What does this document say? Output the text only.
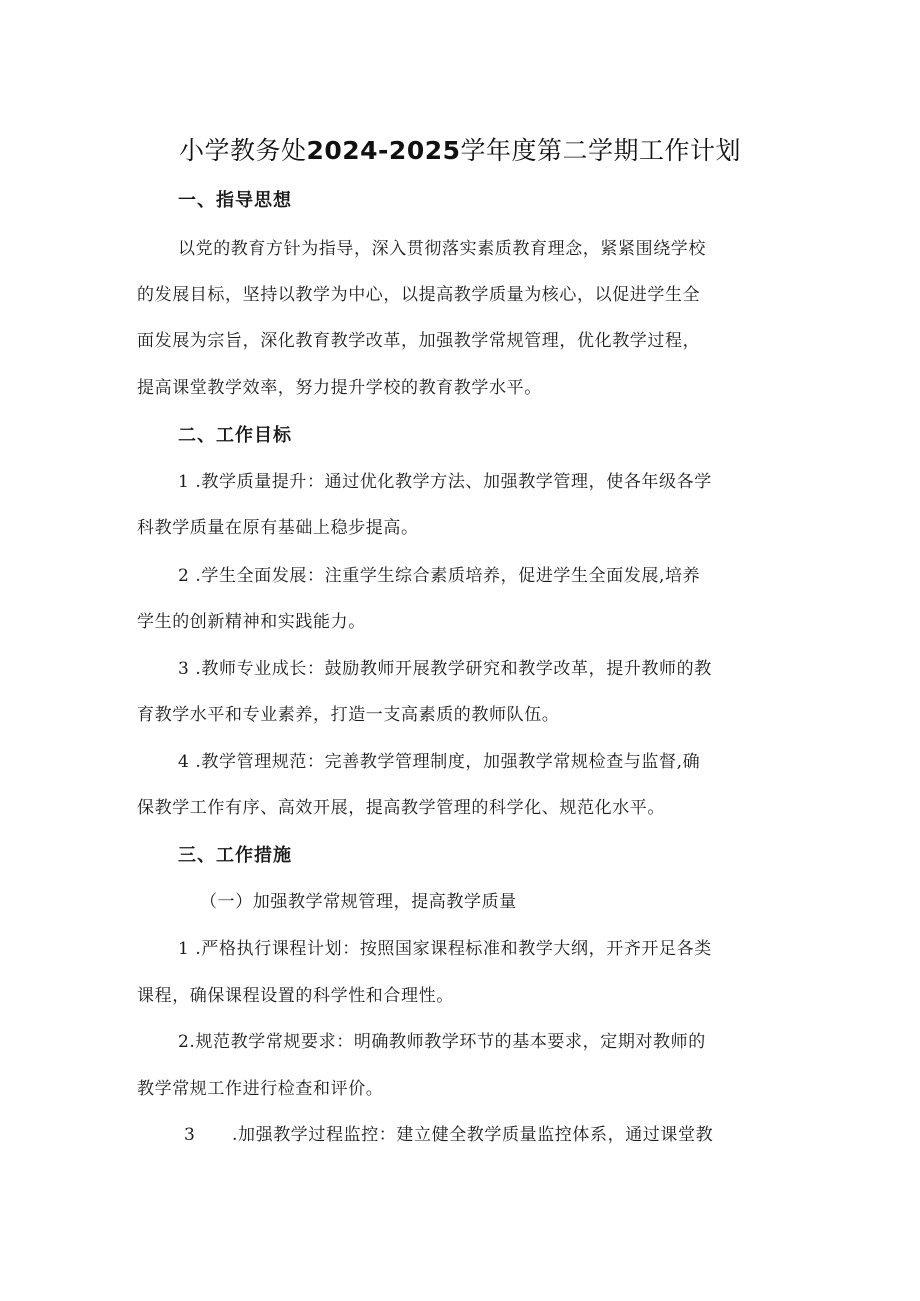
小学教务处2024-2025学年度第二学期工作计划
一、指导思想
以党的教育方针为指导，深入贯彻落实素质教育理念，紧紧围绕学校
的发展目标，坚持以教学为中心，以提高教学质量为核心，以促进学生全
面发展为宗旨，深化教育教学改革，加强教学常规管理，优化教学过程，
提高课堂教学效率，努力提升学校的教育教学水平。
二、工作目标
1 .教学质量提升：通过优化教学方法、加强教学管理，使各年级各学
科教学质量在原有基础上稳步提高。
2 .学生全面发展：注重学生综合素质培养，促进学生全面发展,培养
学生的创新精神和实践能力。
3 .教师专业成长：鼓励教师开展教学研究和教学改革，提升教师的教
育教学水平和专业素养，打造一支高素质的教师队伍。
4 .教学管理规范：完善教学管理制度，加强教学常规检查与监督,确
保教学工作有序、高效开展，提高教学管理的科学化、规范化水平。
三、工作措施
（一）加强教学常规管理，提高教学质量
1 .严格执行课程计划：按照国家课程标准和教学大纲，开齐开足各类
课程，确保课程设置的科学性和合理性。
2.规范教学常规要求：明确教师教学环节的基本要求，定期对教师的
教学常规工作进行检查和评价。
3 .加强教学过程监控：建立健全教学质量监控体系，通过课堂教
